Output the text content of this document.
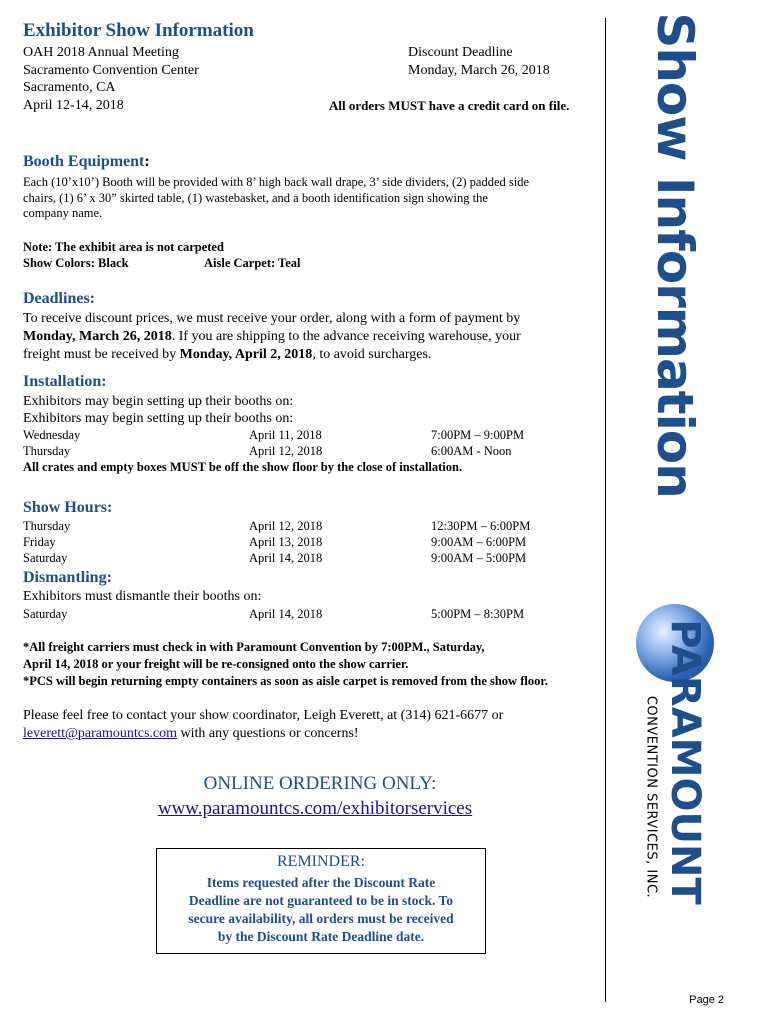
Exhibitor Show Information
OAH 2018 Annual Meeting
Sacramento Convention Center
Sacramento, CA
April 12-14, 2018
Discount Deadline
Monday, March 26, 2018
All orders MUST have a credit card on file.
Booth Equipment:
Each (10’x10’) Booth will be provided with 8’ high back wall drape, 3’ side dividers, (2) padded side
chairs, (1) 6’ x 30” skirted table, (1) wastebasket, and a booth identification sign showing the
company name.
Note: The exhibit area is not carpeted
Show Colors: Black	Aisle Carpet: Teal
Deadlines:
To receive discount prices, we must receive your order, along with a form of payment by
Monday, March 26, 2018. If you are shipping to the advance receiving warehouse, your
freight must be received by Monday, April 2, 2018, to avoid surcharges.
Installation:
Exhibitors may begin setting up their booths on:
Exhibitors may begin setting up their booths on:
Wednesday	April 11, 2018	7:00PM – 9:00PM
Thursday	April 12, 2018	6:00AM - Noon
All crates and empty boxes MUST be off the show floor by the close of installation.
Show Hours:
Thursday	April 12, 2018	12:30PM – 6:00PM
Friday	April 13, 2018	9:00AM – 6:00PM
Saturday	April 14, 2018	9:00AM – 5:00PM
Dismantling:
Exhibitors must dismantle their booths on:
Saturday	April 14, 2018	5:00PM – 8:30PM
*All freight carriers must check in with Paramount Convention by 7:00PM., Saturday,
April 14, 2018 or your freight will be re-consigned onto the show carrier.
*PCS will begin returning empty containers as soon as aisle carpet is removed from the show floor.
Please feel free to contact your show coordinator, Leigh Everett, at (314) 621-6677 or
leverett@paramountcs.com with any questions or concerns!
ONLINE ORDERING ONLY:
www.paramountcs.com/exhibitorservices
REMINDER:
Items requested after the Discount Rate
Deadline are not guaranteed to be in stock. To
secure availability, all orders must be received
by the Discount Rate Deadline date.
Show Information
PARAMOUNT
CONVENTION SERVICES, INC.
Page 2
